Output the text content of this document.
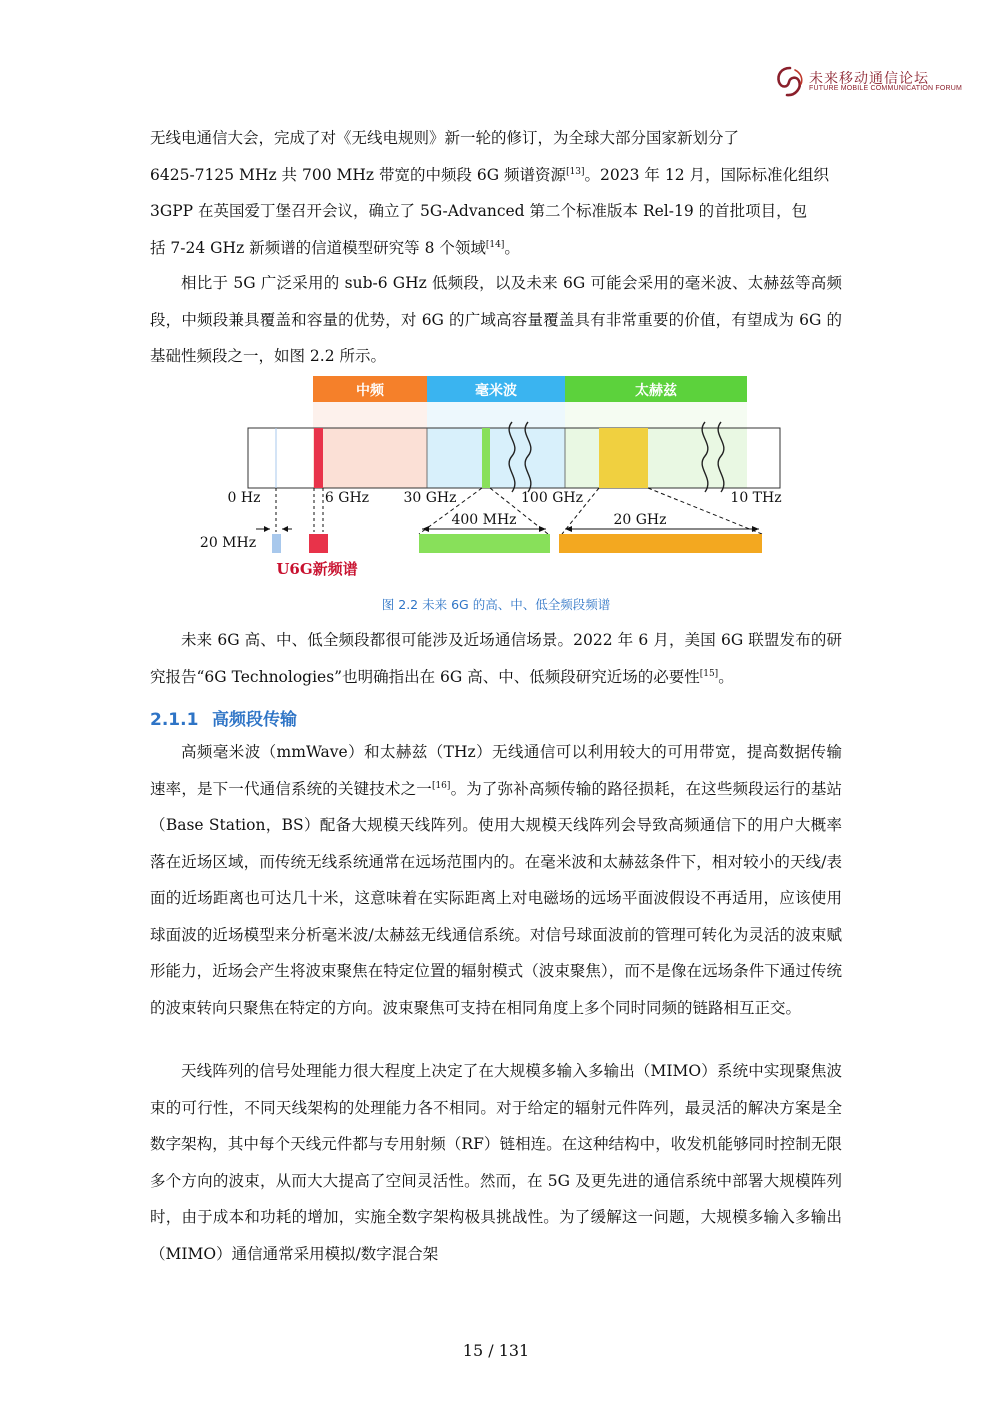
未来移动通信论坛
FUTURE MOBILE COMMUNICATION FORUM

无线电通信大会，完成了对《无线电规则》新一轮的修订，为全球大部分国家新划分了

6425-7125 MHz 共 700 MHz 带宽的中频段 6G 频谱资源[13]。2023 年 12 月，国际标准化组织

3GPP 在英国爱丁堡召开会议，确立了 5G-Advanced 第二个标准版本 Rel-19 的首批项目，包

括 7-24 GHz 新频谱的信道模型研究等 8 个领域[14]。

相比于 5G 广泛采用的 sub-6 GHz 低频段，以及未来 6G 可能会采用的毫米波、太赫兹等高频段，中频段兼具覆盖和容量的优势，对 6G 的广域高容量覆盖具有非常重要的价值，有望成为 6G 的基础性频段之一，如图 2.2 所示。

中频	毫米波	太赫兹
0 Hz	6 GHz 30 GHz	100 GHz	10 THz
400 MHz	20 GHz
20 MHz
U6G新频谱
图 2.2 未来 6G 的高、中、低全频段频谱

未来 6G 高、中、低全频段都很可能涉及近场通信场景。2022 年 6 月，美国 6G 联盟发布的研究报告“6G Technologies”也明确指出在 6G 高、中、低频段研究近场的必要性[15]。

2.1.1 高频段传输

高频毫米波（mmWave）和太赫兹（THz）无线通信可以利用较大的可用带宽，提高数据传输速率，是下一代通信系统的关键技术之一[16]。为了弥补高频传输的路径损耗，在这些频段运行的基站（Base Station，BS）配备大规模天线阵列。使用大规模天线阵列会导致高频通信下的用户大概率落在近场区域，而传统无线系统通常在远场范围内的。在毫米波和太赫兹条件下，相对较小的天线/表面的近场距离也可达几十米，这意味着在实际距离上对电磁场的远场平面波假设不再适用，应该使用球面波的近场模型来分析毫米波/太赫兹无线通信系统。对信号球面波前的管理可转化为灵活的波束赋形能力，近场会产生将波束聚焦在特定位置的辐射模式（波束聚焦），而不是像在远场条件下通过传统的波束转向只聚焦在特定的方向。波束聚焦可支持在相同角度上多个同时同频的链路相互正交。

天线阵列的信号处理能力很大程度上决定了在大规模多输入多输出（MIMO）系统中实现聚焦波束的可行性，不同天线架构的处理能力各不相同。对于给定的辐射元件阵列，最灵活的解决方案是全数字架构，其中每个天线元件都与专用射频（RF）链相连。在这种结构中，收发机能够同时控制无限多个方向的波束，从而大大提高了空间灵活性。然而，在 5G 及更先进的通信系统中部署大规模阵列时，由于成本和功耗的增加，实施全数字架构极具挑战性。为了缓解这一问题，大规模多输入多输出（MIMO）通信通常采用模拟/数字混合架

15 / 131
